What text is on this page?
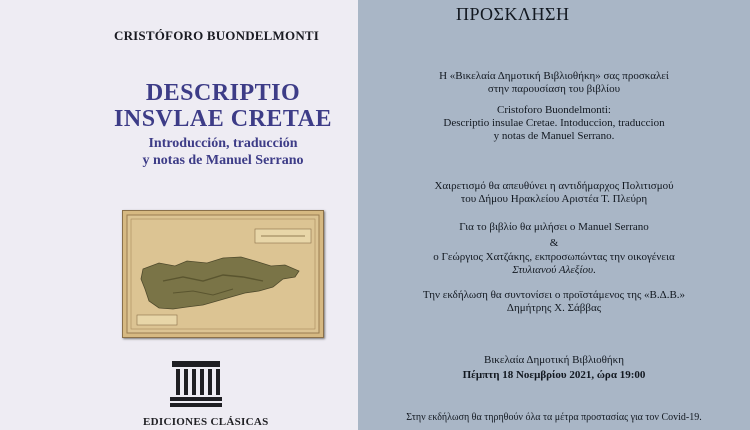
CRISTÓFORO BUONDELMONTI

DESCRIPTIO
INSVLAE CRETAE

Introducción, traducción
y notas de Manuel Serrano

EDICIONES CLÁSICAS

ΠΡΟΣΚΛΗΣΗ

Η «Βικελαία Δημοτική Βιβλιοθήκη» σας προσκαλεί
στην παρουσίαση του βιβλίου

Cristoforo Buondelmonti:
Descriptio insulae Cretae. Intoduccion, traduccion
y notas de Manuel Serrano.

Χαιρετισμό θα απευθύνει η αντιδήμαρχος Πολιτισμού
του Δήμου Ηρακλείου Αριστέα Τ. Πλεύρη

Για το βιβλίο θα μιλήσει ο Manuel Serrano

&

ο Γεώργιος Χατζάκης, εκπροσωπώντας την οικογένεια
Στυλιανού Αλεξίου.

Την εκδήλωση θα συντονίσει ο προϊστάμενος της «Β.Δ.Β.»
Δημήτρης Χ. Σάββας

Βικελαία Δημοτική Βιβλιοθήκη

Πέμπτη 18 Νοεμβρίου 2021, ώρα 19:00

Στην εκδήλωση θα τηρηθούν όλα τα μέτρα προστασίας για τον Covid-19.
